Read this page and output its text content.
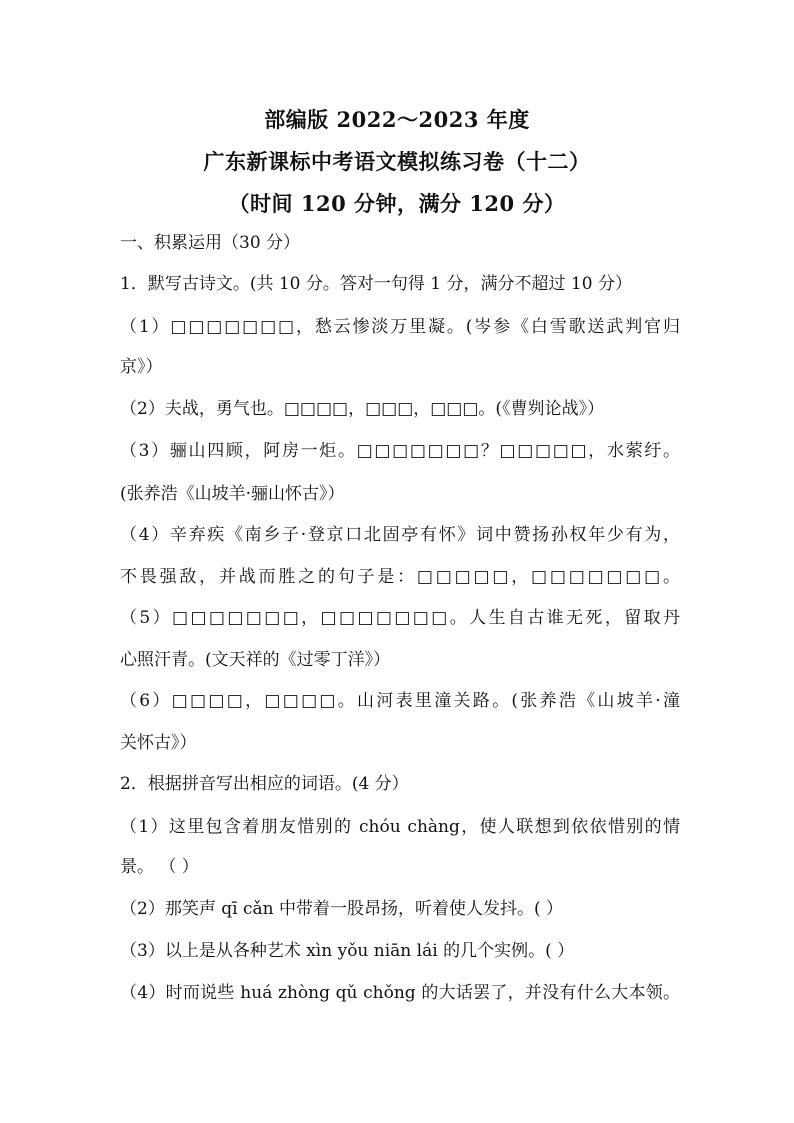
部编版 2022～2023 年度
广东新课标中考语文模拟练习卷（十二）
（时间 120 分钟，满分 120 分）
一、积累运用（30 分）
1．默写古诗文。(共 10 分。答对一句得 1 分，满分不超过 10 分）
（1）□□□□□□□，愁云惨淡万里凝。(岑参《白雪歌送武判官归
京》）
（2）夫战，勇气也。□□□□，□□□，□□□。(《曹刿论战》）
（3）骊山四顾，阿房一炬。□□□□□□□？□□□□□，水萦纡。
(张养浩《山坡羊·骊山怀古》）
（4）辛弃疾《南乡子·登京口北固亭有怀》词中赞扬孙权年少有为，
不畏强敌，并战而胜之的句子是：□□□□□，□□□□□□□。
（5）□□□□□□□，□□□□□□□。人生自古谁无死，留取丹
心照汗青。(文天祥的《过零丁洋》）
（6）□□□□，□□□□。山河表里潼关路。(张养浩《山坡羊·潼
关怀古》）
2．根据拼音写出相应的词语。(4 分）
（1）这里包含着朋友惜别的 chóu chàng，使人联想到依依惜别的情
景。 （ ）
（2）那笑声 qī cǎn 中带着一股昂扬，听着使人发抖。( ）
（3）以上是从各种艺术 xìn yǒu niān lái 的几个实例。( ）
（4）时而说些 huá zhòng qǔ chǒng 的大话罢了，并没有什么大本领。
